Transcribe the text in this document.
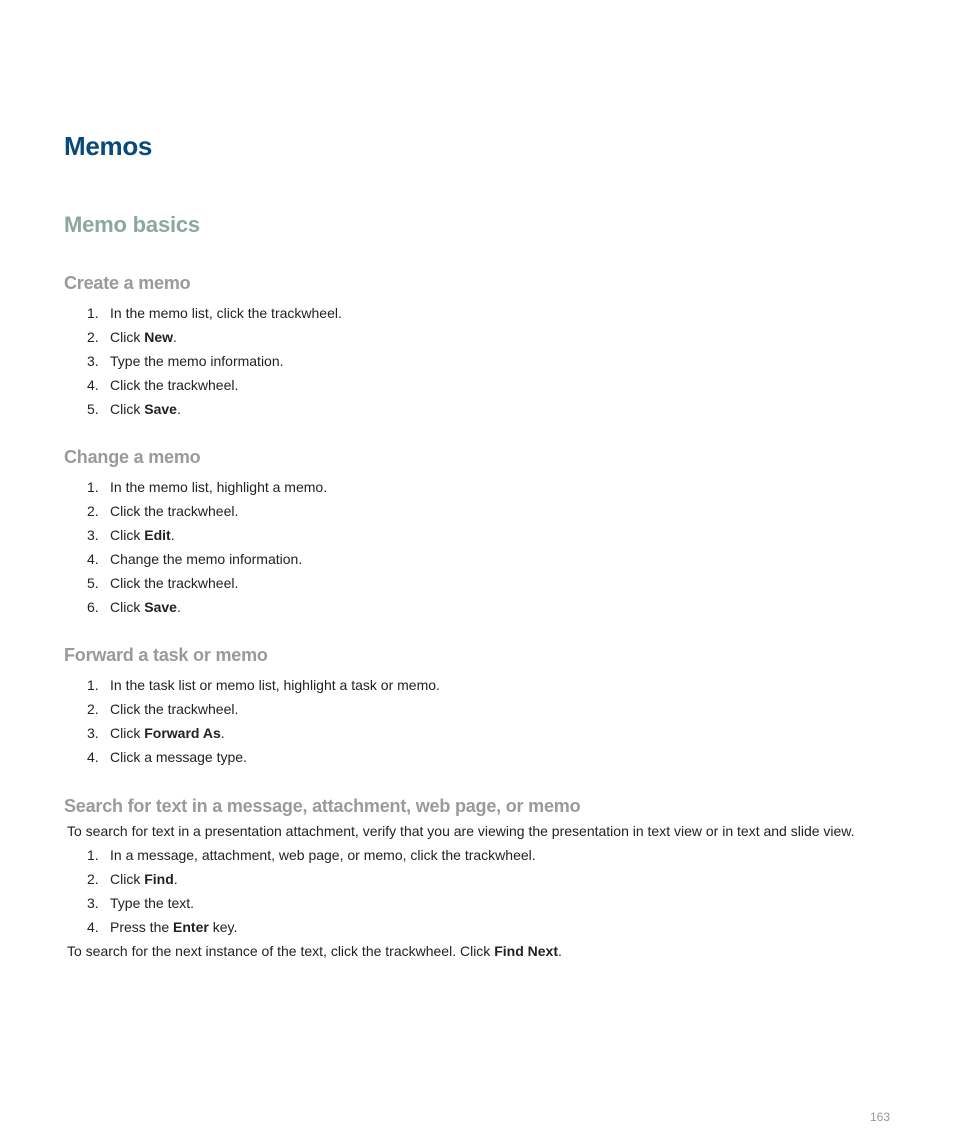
Memos
Memo basics
Create a memo
1. In the memo list, click the trackwheel.
2. Click New.
3. Type the memo information.
4. Click the trackwheel.
5. Click Save.
Change a memo
1. In the memo list, highlight a memo.
2. Click the trackwheel.
3. Click Edit.
4. Change the memo information.
5. Click the trackwheel.
6. Click Save.
Forward a task or memo
1. In the task list or memo list, highlight a task or memo.
2. Click the trackwheel.
3. Click Forward As.
4. Click a message type.
Search for text in a message, attachment, web page, or memo

To search for text in a presentation attachment, verify that you are viewing the presentation in text view or in text and slide view.

1. In a message, attachment, web page, or memo, click the trackwheel.
2. Click Find.
3. Type the text.
4. Press the Enter key.

To search for the next instance of the text, click the trackwheel. Click Find Next.

163
